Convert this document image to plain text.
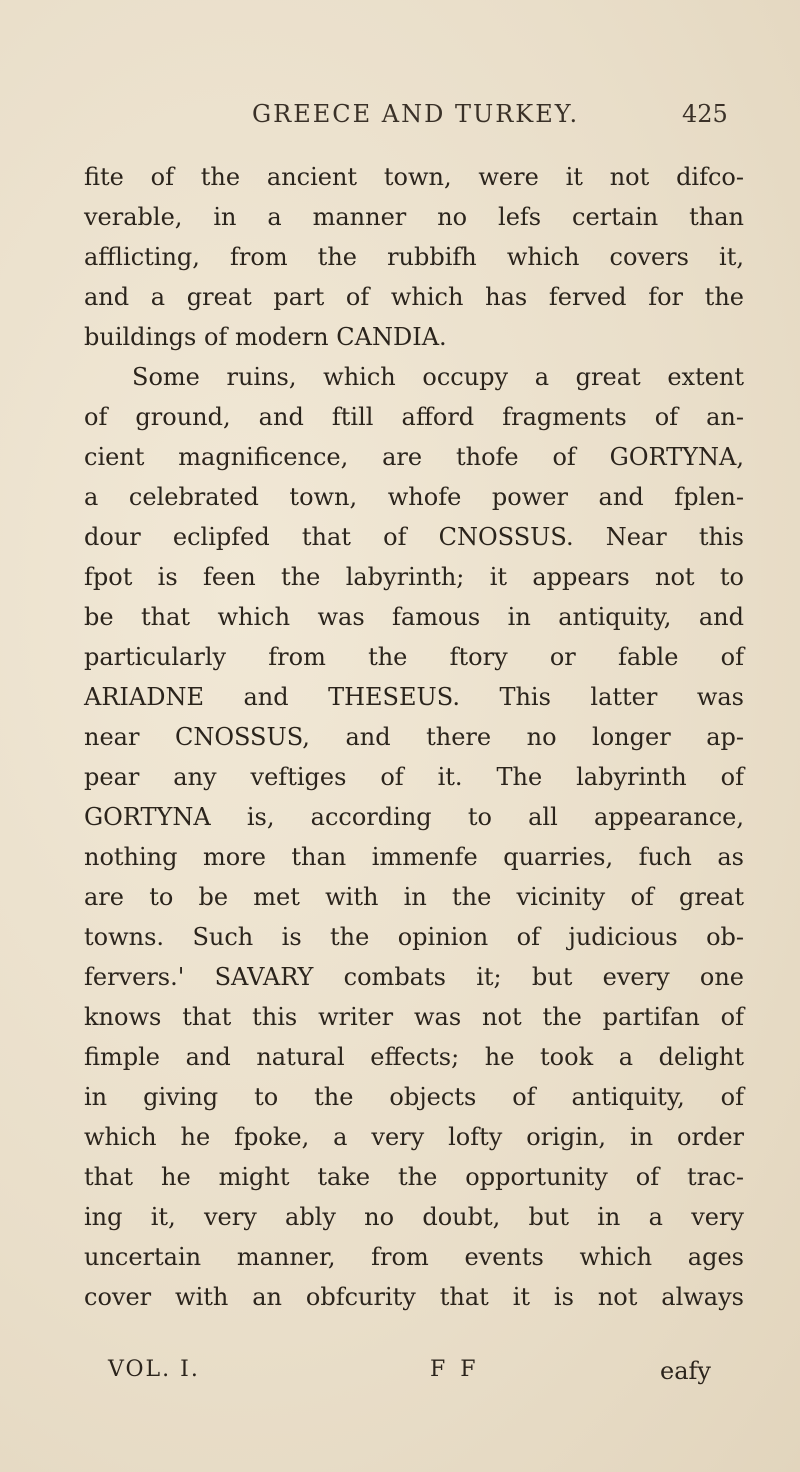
GREECE AND TURKEY.	425
fite of the ancient town, were it not difco-
verable, in a manner no lefs certain than
afflicting, from the rubbifh which covers it,
and a great part of which has ferved for the
buildings of modern CANDIA.
Some ruins, which occupy a great extent
of ground, and ftill afford fragments of an-
cient magnificence, are thofe of GORTYNA,
a celebrated town, whofe power and fplen-
dour eclipfed that of CNOSSUS. Near this
fpot is feen the labyrinth; it appears not to
be that which was famous in antiquity, and
particularly from the ftory or fable of
ARIADNE and THESEUS. This latter was
near CNOSSUS, and there no longer ap-
pear any veftiges of it. The labyrinth of
GORTYNA is, according to all appearance,
nothing more than immenfe quarries, fuch as
are to be met with in the vicinity of great
towns. Such is the opinion of judicious ob-
fervers.' SAVARY combats it; but every one
knows that this writer was not the partifan of
fimple and natural effects; he took a delight
in giving to the objects of antiquity, of
which he fpoke, a very lofty origin, in order
that he might take the opportunity of trac-
ing it, very ably no doubt, but in a very
uncertain manner, from events which ages
cover with an obfcurity that it is not always
VOL. I.	F F	eafy
